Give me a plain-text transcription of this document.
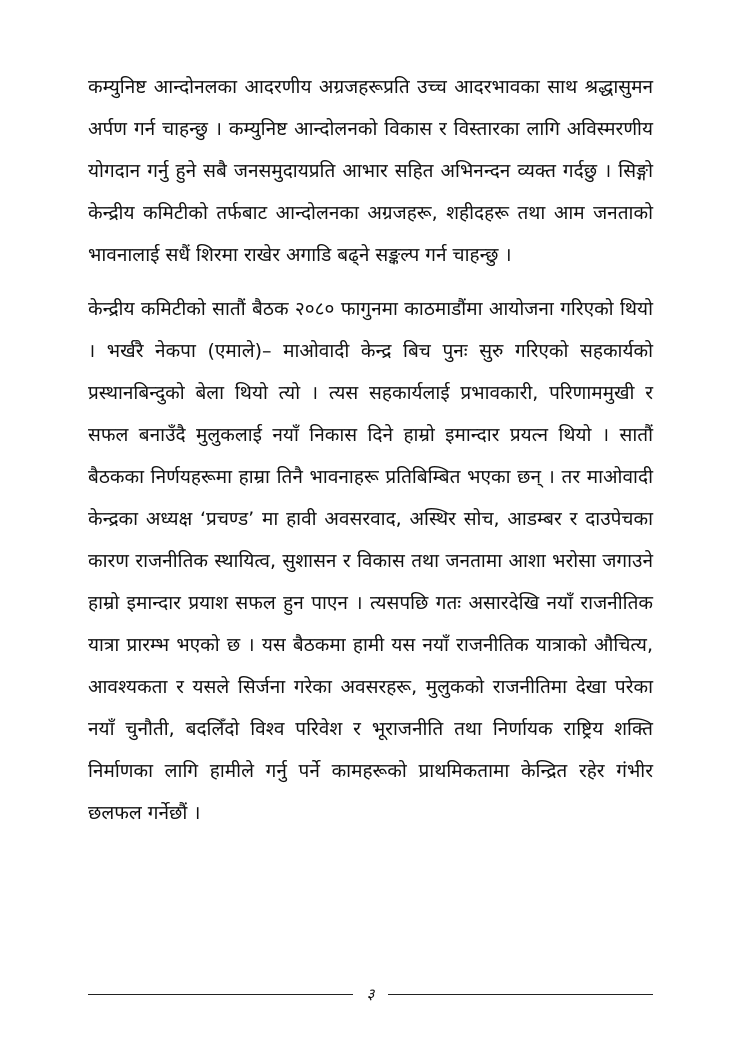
कम्युनिष्ट आन्दोनलका आदरणीय अग्रजहरूप्रति उच्च आदरभावका साथ श्रद्धासुमन अर्पण गर्न चाहन्छु । कम्युनिष्ट आन्दोलनको विकास र विस्तारका लागि अविस्मरणीय योगदान गर्नु हुने सबै जनसमुदायप्रति आभार सहित अभिनन्दन व्यक्त गर्दछु । सिङ्गो केन्द्रीय कमिटीको तर्फबाट आन्दोलनका अग्रजहरू, शहीदहरू तथा आम जनताको भावनालाई सधैं शिरमा राखेर अगाडि बढ्ने सङ्कल्प गर्न चाहन्छु ।

केन्द्रीय कमिटीको सातौं बैठक २०८० फागुनमा काठमाडौंमा आयोजना गरिएको थियो । भर्खरै नेकपा (एमाले)– माओवादी केन्द्र बिच पुनः सुरु गरिएको सहकार्यको प्रस्थानबिन्दुको बेला थियो त्यो । त्यस सहकार्यलाई प्रभावकारी, परिणाममुखी र सफल बनाउँदै मुलुकलाई नयाँ निकास दिने हाम्रो इमान्दार प्रयत्न थियो । सातौं बैठकका निर्णयहरूमा हाम्रा तिनै भावनाहरू प्रतिबिम्बित भएका छन् । तर माओवादी केन्द्रका अध्यक्ष ‘प्रचण्ड’ मा हावी अवसरवाद, अस्थिर सोच, आडम्बर र दाउपेचका कारण राजनीतिक स्थायित्व, सुशासन र विकास तथा जनतामा आशा भरोसा जगाउने हाम्रो इमान्दार प्रयाश सफल हुन पाएन । त्यसपछि गतः असारदेखि नयाँ राजनीतिक यात्रा प्रारम्भ भएको छ । यस बैठकमा हामी यस नयाँ राजनीतिक यात्राको औचित्य, आवश्यकता र यसले सिर्जना गरेका अवसरहरू, मुलुकको राजनीतिमा देखा परेका नयाँ चुनौती, बदलिँदो विश्व परिवेश र भूराजनीति तथा निर्णायक राष्ट्रिय शक्ति निर्माणका लागि हामीले गर्नु पर्ने कामहरूको प्राथमिकतामा केन्द्रित रहेर गंभीर छलफल गर्नेछौं ।

३
